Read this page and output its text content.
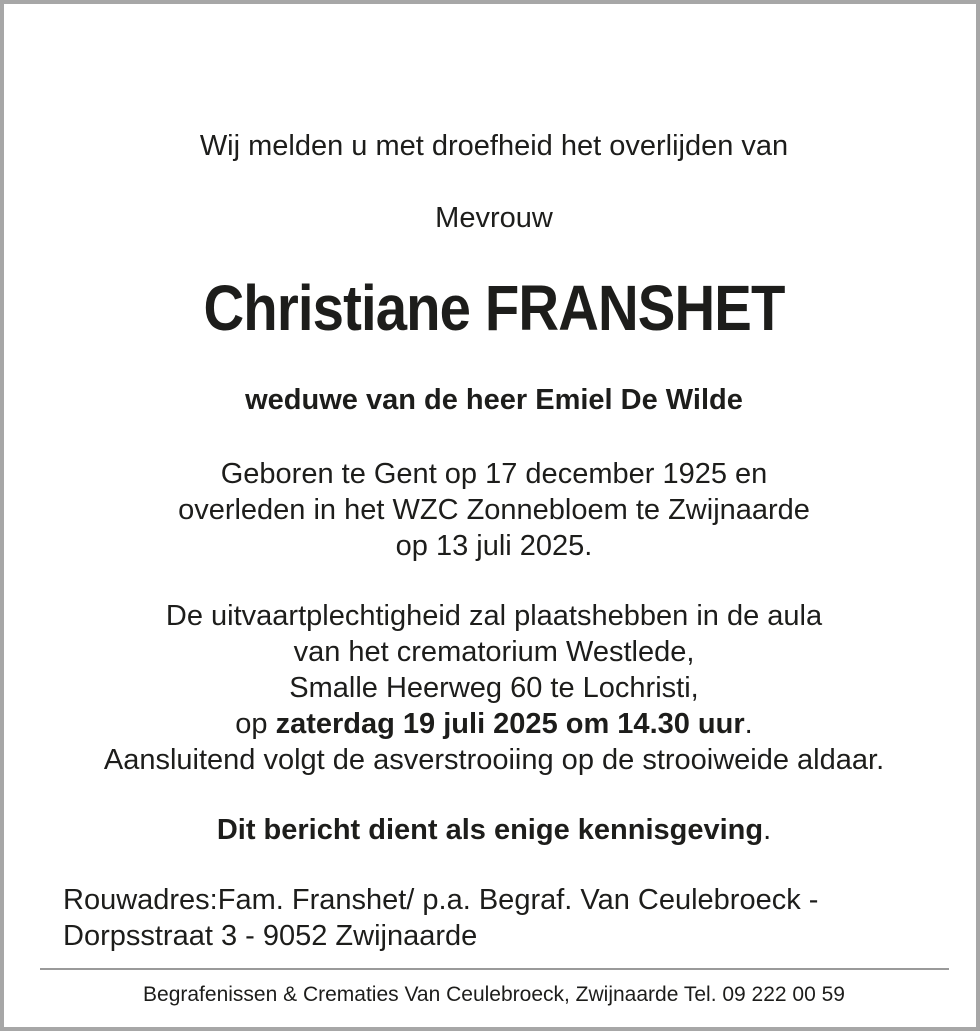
Wij melden u met droefheid het overlijden van
Mevrouw
Christiane FRANSHET
weduwe van de heer Emiel De Wilde
Geboren te Gent op 17 december 1925 en
overleden in het WZC Zonnebloem te Zwijnaarde
op 13 juli 2025.
De uitvaartplechtigheid zal plaatshebben in de aula
van het crematorium Westlede,
Smalle Heerweg 60 te Lochristi,
op zaterdag 19 juli 2025 om 14.30 uur.
Aansluitend volgt de asverstrooiing op de strooiweide aldaar.
Dit bericht dient als enige kennisgeving.
Rouwadres:Fam. Franshet/ p.a. Begraf. Van Ceulebroeck -
Dorpsstraat 3 - 9052 Zwijnaarde
Begrafenissen & Crematies Van Ceulebroeck, Zwijnaarde Tel. 09 222 00 59
